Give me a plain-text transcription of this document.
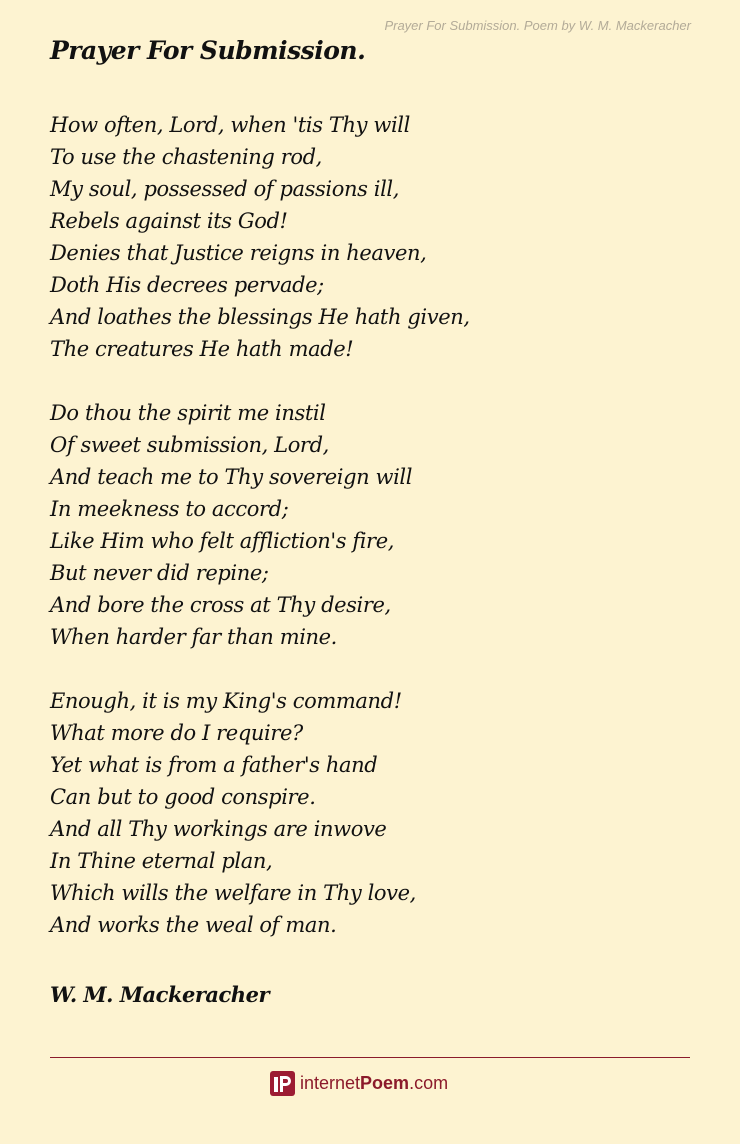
Prayer For Submission. Poem by W. M. Mackeracher
Prayer For Submission.
How often, Lord, when 'tis Thy will
To use the chastening rod,
My soul, possessed of passions ill,
Rebels against its God!
Denies that Justice reigns in heaven,
Doth His decrees pervade;
And loathes the blessings He hath given,
The creatures He hath made!
Do thou the spirit me instil
Of sweet submission, Lord,
And teach me to Thy sovereign will
In meekness to accord;
Like Him who felt affliction's fire,
But never did repine;
And bore the cross at Thy desire,
When harder far than mine.
Enough, it is my King's command!
What more do I require?
Yet what is from a father's hand
Can but to good conspire.
And all Thy workings are inwove
In Thine eternal plan,
Which wills the welfare in Thy love,
And works the weal of man.
W. M. Mackeracher
internetPoem.com
